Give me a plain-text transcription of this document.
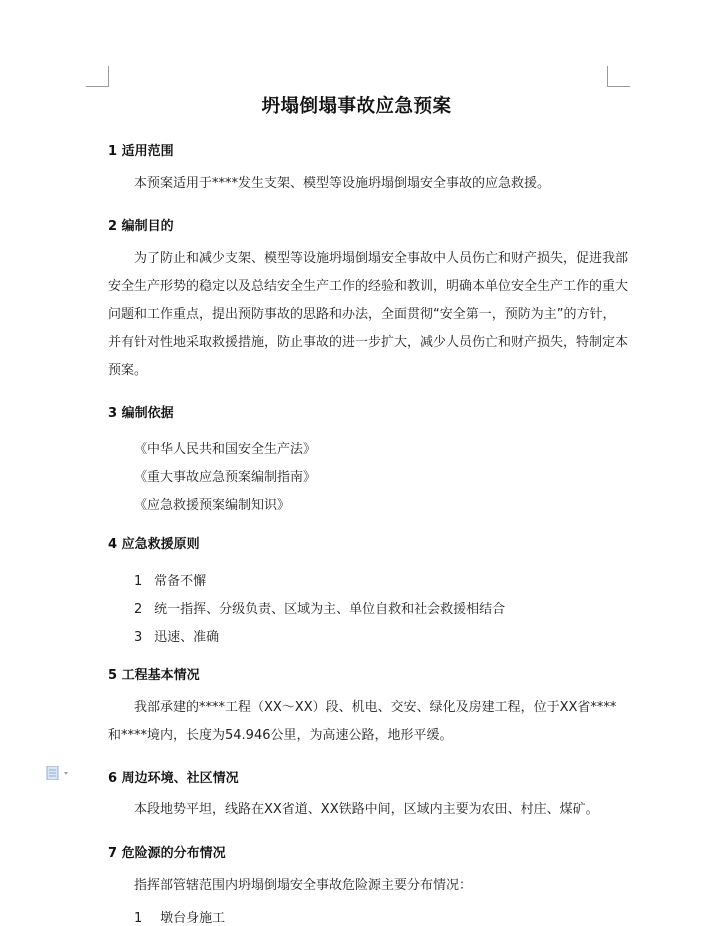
坍塌倒塌事故应急预案
1 适用范围
本预案适用于****发生支架、模型等设施坍塌倒塌安全事故的应急救援。
2 编制目的
为了防止和减少支架、模型等设施坍塌倒塌安全事故中人员伤亡和财产损失，促进我部
安全生产形势的稳定以及总结安全生产工作的经验和教训，明确本单位安全生产工作的重大
问题和工作重点，提出预防事故的思路和办法，全面贯彻“安全第一，预防为主”的方针，
并有针对性地采取救援措施，防止事故的进一步扩大，减少人员伤亡和财产损失，特制定本
预案。
3 编制依据
《中华人民共和国安全生产法》
《重大事故应急预案编制指南》
《应急救援预案编制知识》
4 应急救援原则
1 常备不懈
2 统一指挥、分级负责、区域为主、单位自救和社会救援相结合
3 迅速、准确
5 工程基本情况
我部承建的****工程（XX～XX）段、机电、交安、绿化及房建工程，位于XX省****
和****境内，长度为54.946公里，为高速公路，地形平缓。
6 周边环境、社区情况
本段地势平坦，线路在XX省道、XX铁路中间，区域内主要为农田、村庄、煤矿。
7 危险源的分布情况
指挥部管辖范围内坍塌倒塌安全事故危险源主要分布情况：
1 墩台身施工
